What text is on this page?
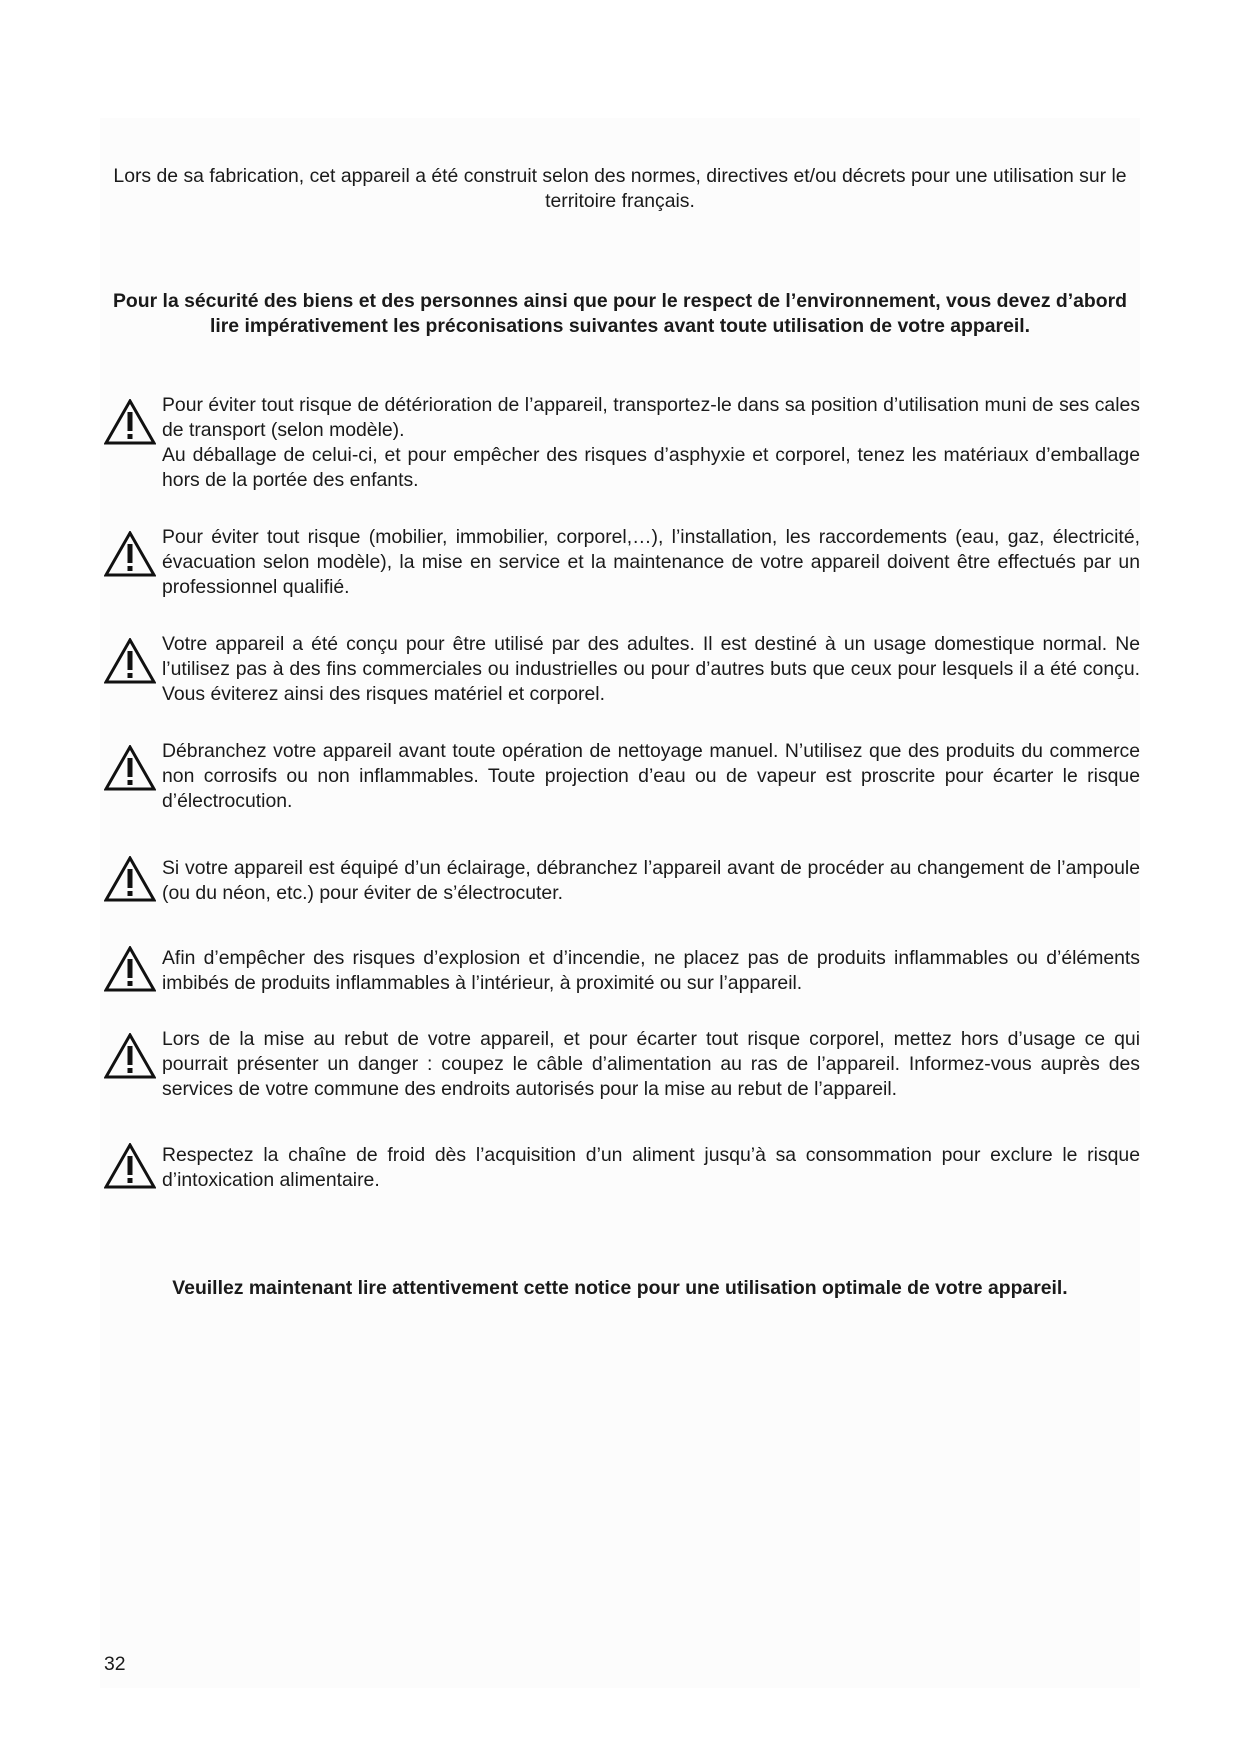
Lors de sa fabrication, cet appareil a été construit selon des normes, directives et/ou décrets pour une utilisation sur le territoire français.

Pour la sécurité des biens et des personnes ainsi que pour le respect de l’environnement, vous devez d’abord lire impérativement les préconisations suivantes avant toute utilisation de votre appareil.

Pour éviter tout risque de détérioration de l’appareil, transportez-le dans sa position d’utilisation muni de ses cales de transport (selon modèle).
Au déballage de celui-ci, et pour empêcher des risques d’asphyxie et corporel, tenez les matériaux d’emballage hors de la portée des enfants.
Pour éviter tout risque (mobilier, immobilier, corporel,…), l’installation, les raccordements (eau, gaz, électricité, évacuation selon modèle), la mise en service et la maintenance de votre appareil doivent être effectués par un professionnel qualifié.
Votre appareil a été conçu pour être utilisé par des adultes. Il est destiné à un usage domestique normal. Ne l’utilisez pas à des fins commerciales ou industrielles ou pour d’autres buts que ceux pour lesquels il a été conçu. Vous éviterez ainsi des risques matériel et corporel.
Débranchez votre appareil avant toute opération de nettoyage manuel. N’utilisez que des produits du commerce non corrosifs ou non inflammables. Toute projection d’eau ou de vapeur est proscrite pour écarter le risque d’électrocution.
Si votre appareil est équipé d’un éclairage, débranchez l’appareil avant de procéder au changement de l’ampoule (ou du néon, etc.) pour éviter de s’électrocuter.
Afin d’empêcher des risques d’explosion et d’incendie, ne placez pas de produits inflammables ou d’éléments imbibés de produits inflammables à l’intérieur, à proximité ou sur l’appareil.
Lors de la mise au rebut de votre appareil, et pour écarter tout risque corporel, mettez hors d’usage ce qui pourrait présenter un danger : coupez le câble d’alimentation au ras de l’appareil. Informez-vous auprès des services de votre commune des endroits autorisés pour la mise au rebut de l’appareil.
Respectez la chaîne de froid dès l’acquisition d’un aliment jusqu’à sa consommation pour exclure le risque d’intoxication alimentaire.

Veuillez maintenant lire attentivement cette notice pour une utilisation optimale de votre appareil.

32
